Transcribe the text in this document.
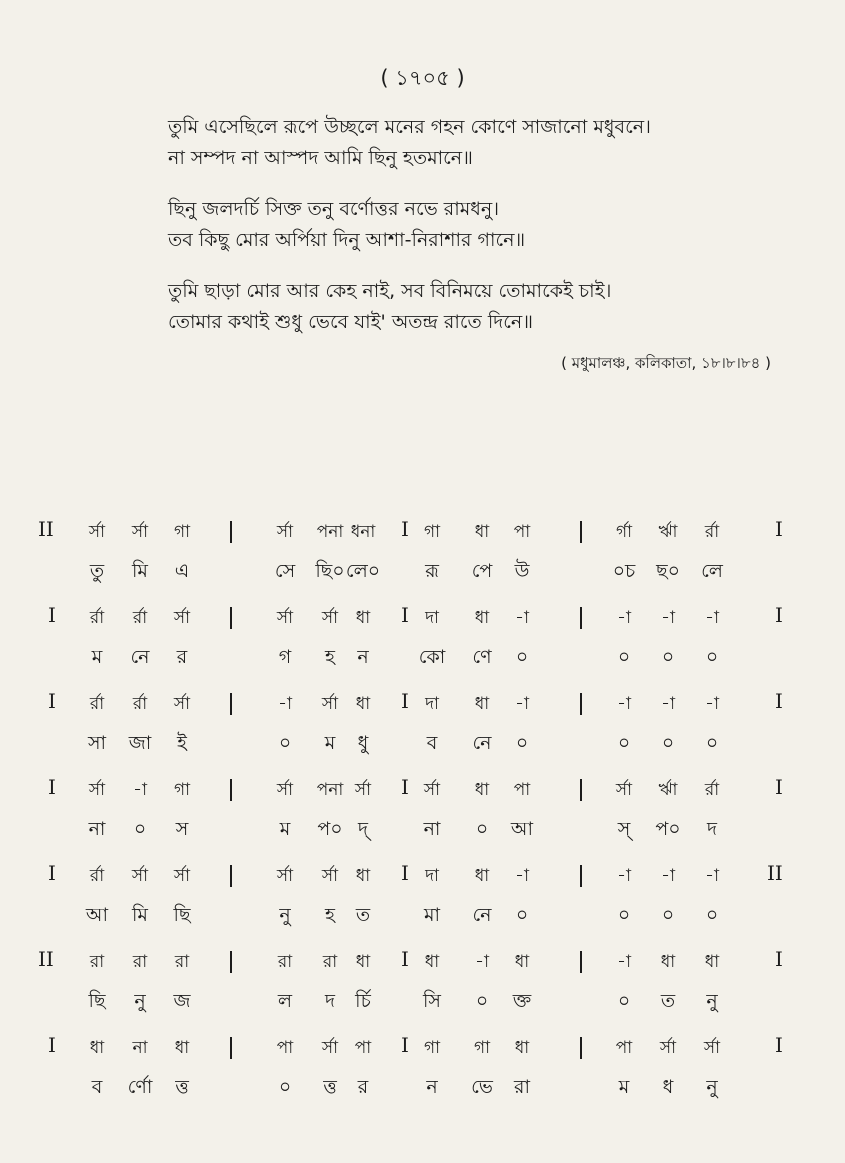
( ১৭০৫ )
তুমি এসেছিলে রূপে উচ্ছলে মনের গহন কোণে সাজানো মধুবনে।
না সম্পদ না আস্পদ আমি ছিনু হতমানে॥
ছিনু জলদর্চি সিক্ত তনু বর্ণোত্তর নভে রামধনু।
তব কিছু মোর অর্পিয়া দিনু আশা-নিরাশার গানে॥
তুমি ছাড়া মোর আর কেহ নাই, সব বিনিময়ে তোমাকেই চাই।
তোমার কথাই শুধু ভেবে যাই' অতন্দ্র রাতে দিনে॥
( মধুমালঞ্চ, কলিকাতা, ১৮।৮।৮৪ )
II	র্সা	র্সা	গা	র্সা	পনা ধনা	I গা	ধা	পা	র্গা	র্ঋা	র্রা	I
তু	মি	এ	সে	ছি০ লে০	রূ	পে	উ	০চ	ছ০	লে
I	র্রা	র্রা	র্সা	র্সা	র্সা	ধা	I দা	ধা	-া	-া	-া	-া	I
ম	নে	র	গ	হ	ন	কো	ণে	০	০	০	০
I	র্রা	র্রা	র্সা	-া	র্সা	ধা	I দা	ধা	-া	-া	-া	-া	I
সা	জা	ই	০	ম	ধু	ব	নে	০	০	০	০
I	র্সা	-া	গা	র্সা	পনা র্সা	I র্সা	ধা	পা	র্সা	র্ঋা	র্রা	I
না	০	স	ম	প০ দ্	না	০	আ	স্	প০	দ
I	র্রা	র্সা	র্সা	র্সা	র্সা	ধা	I দা	ধা	-া	-া	-া	-া	II
আ	মি	ছি	নু	হ	ত	মা	নে	০	০	০	০
II	রা	রা	রা	রা	রা	ধা	I ধা	-া	ধা	-া	ধা	ধা	I
ছি	নু	জ	ল	দ	র্চি	সি	০	ক্ত	০	ত	নু
I	ধা	না	ধা	পা	র্সা পা	I গা	গা	ধা	পা	র্সা	র্সা	I
ব	র্ণো	ত্ত	০	ত্ত	র	ন	ভে	রা	ম	ধ	নু
